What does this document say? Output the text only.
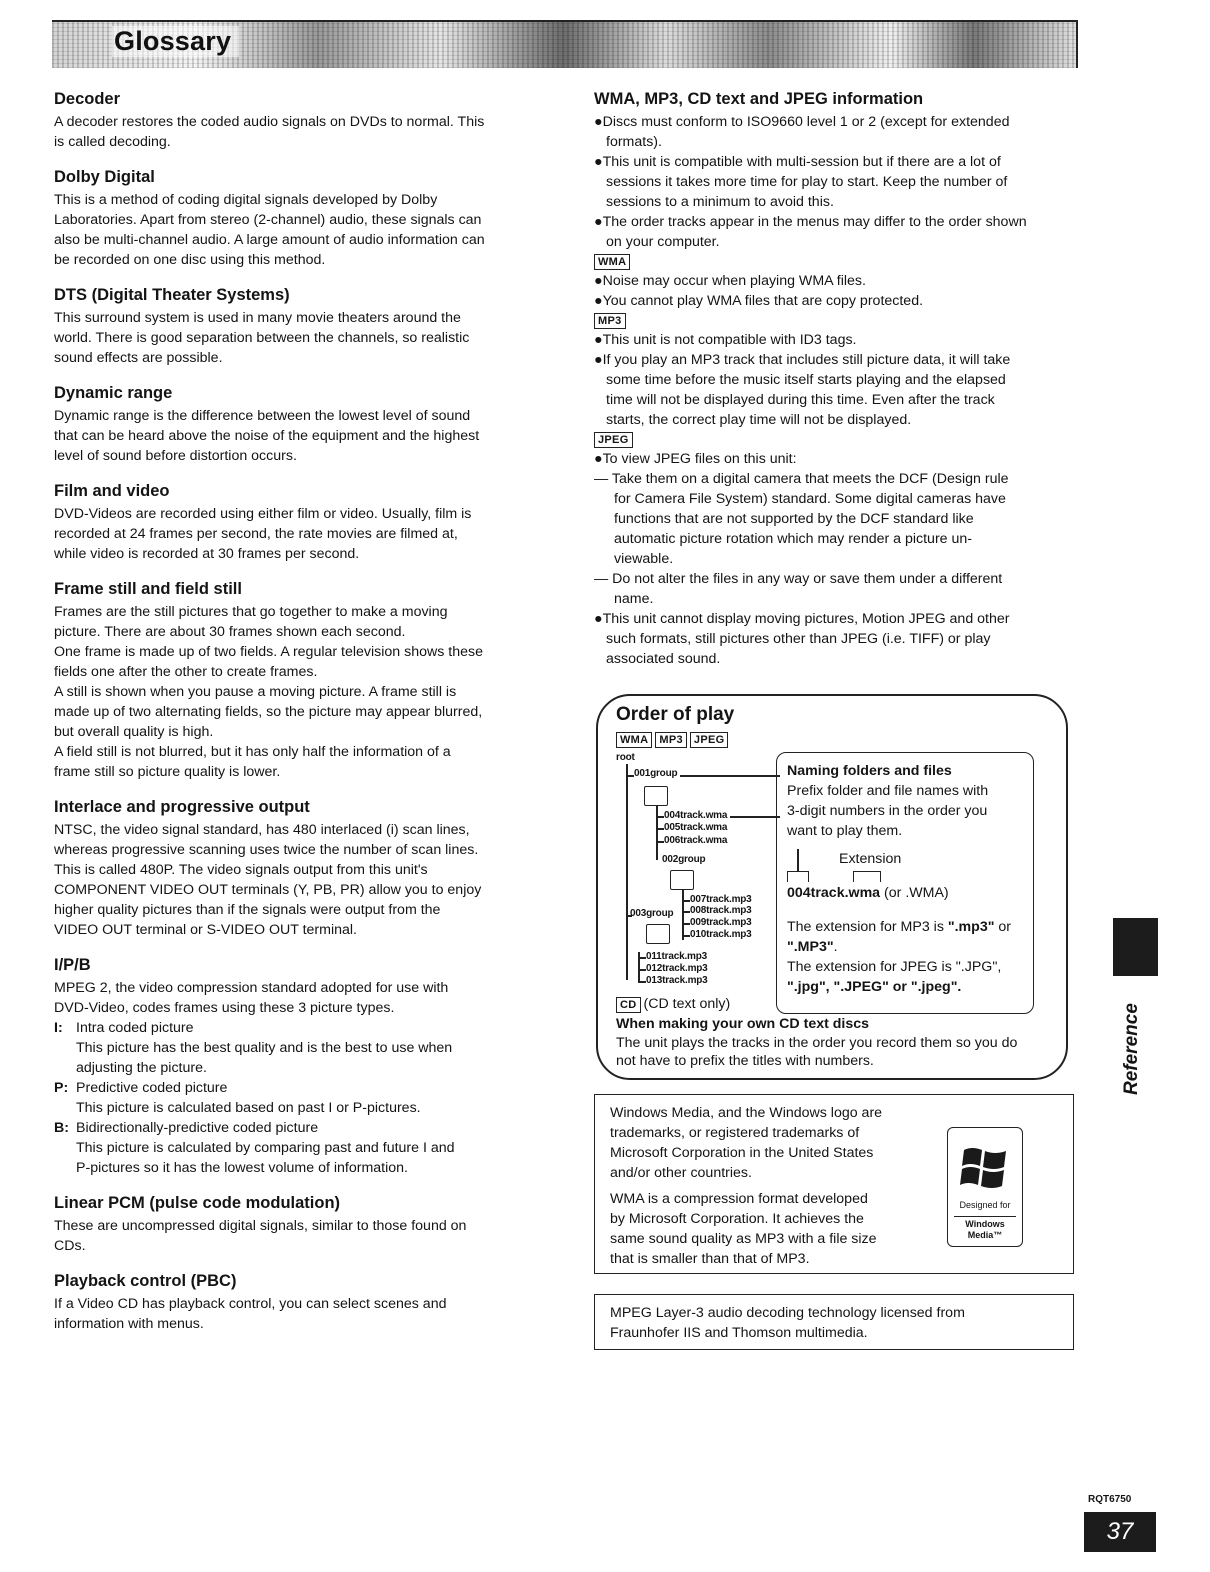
Glossary
Decoder

A decoder restores the coded audio signals on DVDs to normal. This
is called decoding.

Dolby Digital

This is a method of coding digital signals developed by Dolby
Laboratories. Apart from stereo (2-channel) audio, these signals can
also be multi-channel audio. A large amount of audio information can
be recorded on one disc using this method.

DTS (Digital Theater Systems)

This surround system is used in many movie theaters around the
world. There is good separation between the channels, so realistic
sound effects are possible.

Dynamic range

Dynamic range is the difference between the lowest level of sound
that can be heard above the noise of the equipment and the highest
level of sound before distortion occurs.

Film and video

DVD-Videos are recorded using either film or video. Usually, film is
recorded at 24 frames per second, the rate movies are filmed at,
while video is recorded at 30 frames per second.

Frame still and field still

Frames are the still pictures that go together to make a moving
picture. There are about 30 frames shown each second.
One frame is made up of two fields. A regular television shows these
fields one after the other to create frames.
A still is shown when you pause a moving picture. A frame still is
made up of two alternating fields, so the picture may appear blurred,
but overall quality is high.
A field still is not blurred, but it has only half the information of a
frame still so picture quality is lower.

Interlace and progressive output

NTSC, the video signal standard, has 480 interlaced (i) scan lines,
whereas progressive scanning uses twice the number of scan lines.
This is called 480P. The video signals output from this unit's
COMPONENT VIDEO OUT terminals (Y, PB, PR) allow you to enjoy
higher quality pictures than if the signals were output from the
VIDEO OUT terminal or S-VIDEO OUT terminal.

I/P/B

MPEG 2, the video compression standard adopted for use with
DVD-Video, codes frames using these 3 picture types.

I: Intra coded picture
This picture has the best quality and is the best to use when
adjusting the picture.
P: Predictive coded picture
This picture is calculated based on past I or P-pictures.
B: Bidirectionally-predictive coded picture
This picture is calculated by comparing past and future I and
P-pictures so it has the lowest volume of information.
Linear PCM (pulse code modulation)

These are uncompressed digital signals, similar to those found on
CDs.

Playback control (PBC)

If a Video CD has playback control, you can select scenes and
information with menus.

WMA, MP3, CD text and JPEG information
●Discs must conform to ISO9660 level 1 or 2 (except for extended
formats).
●This unit is compatible with multi-session but if there are a lot of
sessions it takes more time for play to start. Keep the number of
sessions to a minimum to avoid this.
●The order tracks appear in the menus may differ to the order shown
on your computer.
WMA
●Noise may occur when playing WMA files.
●You cannot play WMA files that are copy protected.
MP3
●This unit is not compatible with ID3 tags.
●If you play an MP3 track that includes still picture data, it will take
some time before the music itself starts playing and the elapsed
time will not be displayed during this time. Even after the track
starts, the correct play time will not be displayed.
JPEG
●To view JPEG files on this unit:
— Take them on a digital camera that meets the DCF (Design rule
for Camera File System) standard. Some digital cameras have
functions that are not supported by the DCF standard like
automatic picture rotation which may render a picture un-
viewable.
— Do not alter the files in any way or save them under a different
name.
●This unit cannot display moving pictures, Motion JPEG and other
such formats, still pictures other than JPEG (i.e. TIFF) or play
associated sound.
Order of play
WMA MP3 JPEG
root
001group
004track.wma
005track.wma
006track.wma
002group
007track.mp3
008track.mp3
009track.mp3
010track.mp3
003group
011track.mp3
012track.mp3
013track.mp3
Naming folders and files
Prefix folder and file names with
3-digit numbers in the order you
want to play them.
Extension
004track.wma (or .WMA)
The extension for MP3 is ".mp3" or ".MP3".
The extension for JPEG is ".JPG",
".jpg", ".JPEG" or ".jpeg".
CD (CD text only)
When making your own CD text discs
The unit plays the tracks in the order you record them so you do
not have to prefix the titles with numbers.
Windows Media, and the Windows logo are
trademarks, or registered trademarks of
Microsoft Corporation in the United States
and/or other countries.
WMA is a compression format developed
by Microsoft Corporation. It achieves the
same sound quality as MP3 with a file size
that is smaller than that of MP3.
Designed for
Windows
Media™
MPEG Layer-3 audio decoding technology licensed from
Fraunhofer IIS and Thomson multimedia.
Reference
RQT6750
37
